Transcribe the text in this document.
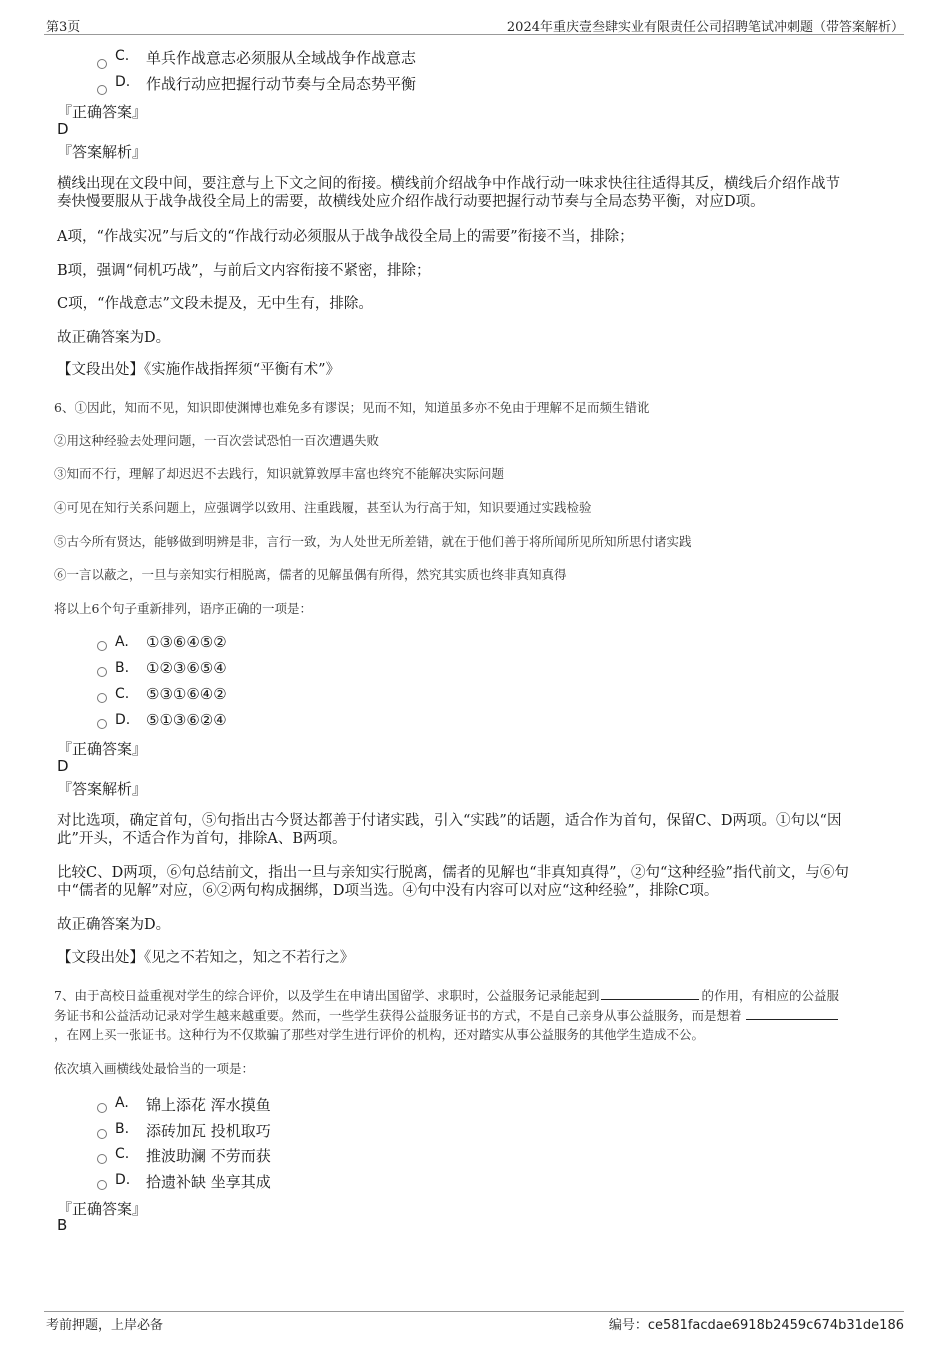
第3页	2024年重庆壹叁肆实业有限责任公司招聘笔试冲刺题（带答案解析）
C. 单兵作战意志必须服从全域战争作战意志
D. 作战行动应把握行动节奏与全局态势平衡
『正确答案』
D
『答案解析』
横线出现在文段中间，要注意与上下文之间的衔接。横线前介绍战争中作战行动一味求快往往适得其反，横线后介绍作战节
奏快慢要服从于战争战役全局上的需要，故横线处应介绍作战行动要把握行动节奏与全局态势平衡，对应D项。
A项，“作战实况”与后文的“作战行动必须服从于战争战役全局上的需要”衔接不当，排除；
B项，强调“伺机巧战”，与前后文内容衔接不紧密，排除；
C项，“作战意志”文段未提及，无中生有，排除。
故正确答案为D。
【文段出处】《实施作战指挥须“平衡有术”》
6、①因此，知而不见，知识即使渊博也难免多有谬误；见而不知，知道虽多亦不免由于理解不足而频生错讹
②用这种经验去处理问题，一百次尝试恐怕一百次遭遇失败
③知而不行，理解了却迟迟不去践行，知识就算敦厚丰富也终究不能解决实际问题
④可见在知行关系问题上，应强调学以致用、注重践履，甚至认为行高于知，知识要通过实践检验
⑤古今所有贤达，能够做到明辨是非，言行一致，为人处世无所差错，就在于他们善于将所闻所见所知所思付诸实践
⑥一言以蔽之，一旦与亲知实行相脱离，儒者的见解虽偶有所得，然究其实质也终非真知真得
将以上6个句子重新排列，语序正确的一项是：
A. ①③⑥④⑤②
B. ①②③⑥⑤④
C. ⑤③①⑥④②
D. ⑤①③⑥②④
『正确答案』
D
『答案解析』
对比选项，确定首句，⑤句指出古今贤达都善于付诸实践，引入“实践”的话题，适合作为首句，保留C、D两项。①句以“因
此”开头，不适合作为首句，排除A、B两项。
比较C、D两项，⑥句总结前文，指出一旦与亲知实行脱离，儒者的见解也“非真知真得”，②句“这种经验”指代前文，与⑥句
中“儒者的见解”对应，⑥②两句构成捆绑，D项当选。④句中没有内容可以对应“这种经验”，排除C项。
故正确答案为D。
【文段出处】《见之不若知之，知之不若行之》
7、由于高校日益重视对学生的综合评价，以及学生在申请出国留学、求职时，公益服务记录能起到	的作用，有相应的公益服
务证书和公益活动记录对学生越来越重要。然而，一些学生获得公益服务证书的方式，不是自己亲身从事公益服务，而是想着
，在网上买一张证书。这种行为不仅欺骗了那些对学生进行评价的机构，还对踏实从事公益服务的其他学生造成不公。
依次填入画横线处最恰当的一项是：
A. 锦上添花 浑水摸鱼
B. 添砖加瓦 投机取巧
C. 推波助澜 不劳而获
D. 拾遗补缺 坐享其成
『正确答案』
B
考前押题，上岸必备	编号：ce581facdae6918b2459c674b31de186
